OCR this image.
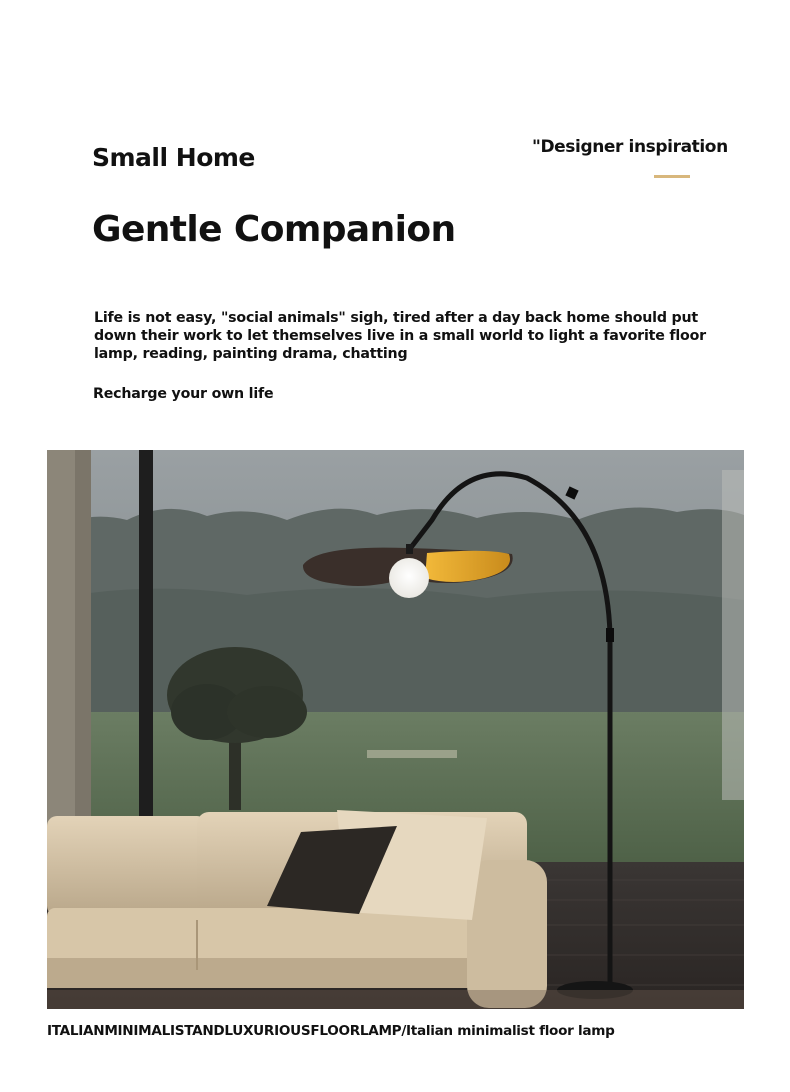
Small Home	"Designer inspiration
Gentle Companion
Life is not easy, "social animals" sigh, tired after a day back home should put down their work to let themselves live in a small world to light a favorite floor lamp, reading, painting drama, chatting
Recharge your own life
ITALIANMINIMALISTANDLUXURIOUSFLOORLAMP/Italian minimalist floor lamp
